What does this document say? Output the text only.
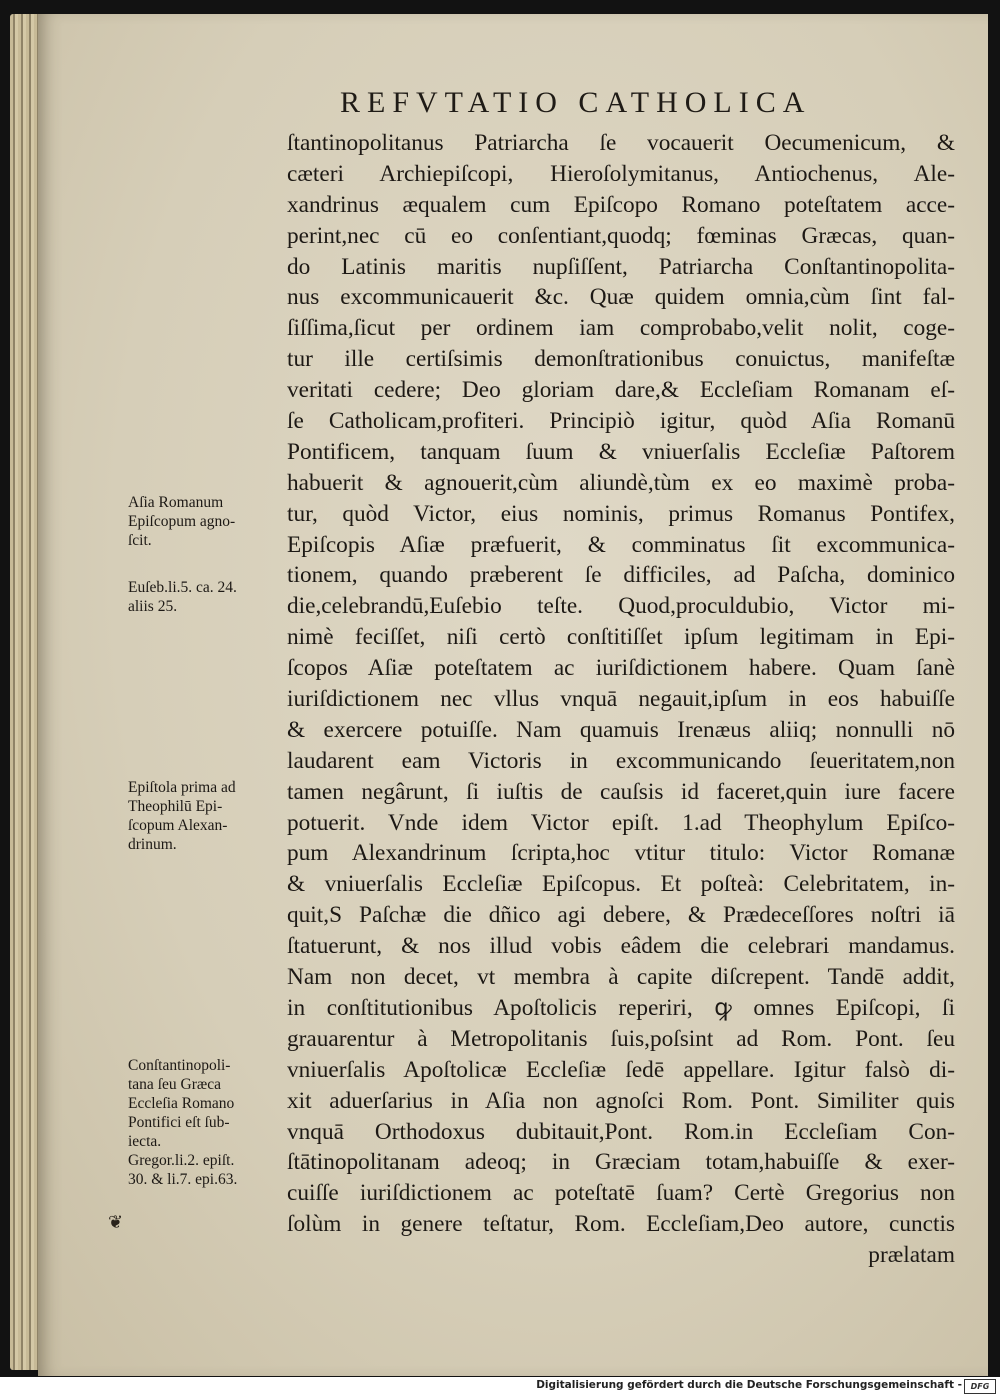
REFVTATIO CATHOLICA
ſtantinopolitanus Patriarcha ſe vocauerit Oecumenicum, &
cæteri Archiepiſcopi, Hieroſolymitanus, Antiochenus, Ale-
xandrinus æqualem cum Epiſcopo Romano poteſtatem acce-
perint,nec cū eo conſentiant,quodq; fœminas Græcas, quan-
do Latinis maritis nupſiſſent, Patriarcha Conſtantinopolita-
nus excommunicauerit &c. Quæ quidem omnia,cùm ſint fal-
ſiſſima,ſicut per ordinem iam comprobabo,velit nolit, coge-
tur ille certiſsimis demonſtrationibus conuictus, manifeſtæ
veritati cedere; Deo gloriam dare,& Eccleſiam Romanam eſ-
ſe Catholicam,profiteri. Principiò igitur, quòd Aſia Romanū
Pontificem, tanquam ſuum & vniuerſalis Eccleſiæ Paſtorem
habuerit & agnouerit,cùm aliundè,tùm ex eo maximè proba-
tur, quòd Victor, eius nominis, primus Romanus Pontifex,
Epiſcopis Aſiæ præfuerit, & comminatus ſit excommunica-
tionem, quando præberent ſe difficiles, ad Paſcha, dominico
die,celebrandū,Euſebio teſte. Quod,proculdubio, Victor mi-
nimè feciſſet, niſi certò conſtitiſſet ipſum legitimam in Epi-
ſcopos Aſiæ poteſtatem ac iuriſdictionem habere. Quam ſanè
iuriſdictionem nec vllus vnquā negauit,ipſum in eos habuiſſe
& exercere potuiſſe. Nam quamuis Irenæus aliiq; nonnulli nō
laudarent eam Victoris in excommunicando ſeueritatem,non
tamen negârunt, ſi iuſtis de cauſsis id faceret,quin iure facere
potuerit. Vnde idem Victor epiſt. 1.ad Theophylum Epiſco-
pum Alexandrinum ſcripta,hoc vtitur titulo: Victor Romanæ
& vniuerſalis Eccleſiæ Epiſcopus. Et poſteà: Celebritatem, in-
quit,S Paſchæ die dñico agi debere, & Prædeceſſores noſtri iā
ſtatuerunt, & nos illud vobis eâdem die celebrari mandamus.
Nam non decet, vt membra à capite diſcrepent. Tandē addit,
in conſtitutionibus Apoſtolicis reperiri, ꝙ omnes Epiſcopi, ſi
grauarentur à Metropolitanis ſuis,poſsint ad Rom. Pont. ſeu
vniuerſalis Apoſtolicæ Eccleſiæ ſedē appellare. Igitur falsò di-
xit aduerſarius in Aſia non agnoſci Rom. Pont. Similiter quis
vnquā Orthodoxus dubitauit,Pont. Rom.in Eccleſiam Con-
ſtātinopolitanam adeoq; in Græciam totam,habuiſſe & exer-
cuiſſe iuriſdictionem ac poteſtatē ſuam? Certè Gregorius non
ſolùm in genere teſtatur, Rom. Eccleſiam,Deo autore, cunctis
prælatam
Aſia Romanum
Epiſcopum agno-
ſcit.
Euſeb.li.5. ca. 24.
aliis 25.
Epiſtola prima ad
Theophilū Epi-
ſcopum Alexan-
drinum.
Conſtantinopoli-
tana ſeu Græca
Eccleſia Romano
Pontifici eſt ſub-
iecta.
Gregor.li.2. epiſt.
30. & li.7. epi.63.
❦
Digitalisierung gefördert durch die Deutsche Forschungsgemeinschaft -	DFG
